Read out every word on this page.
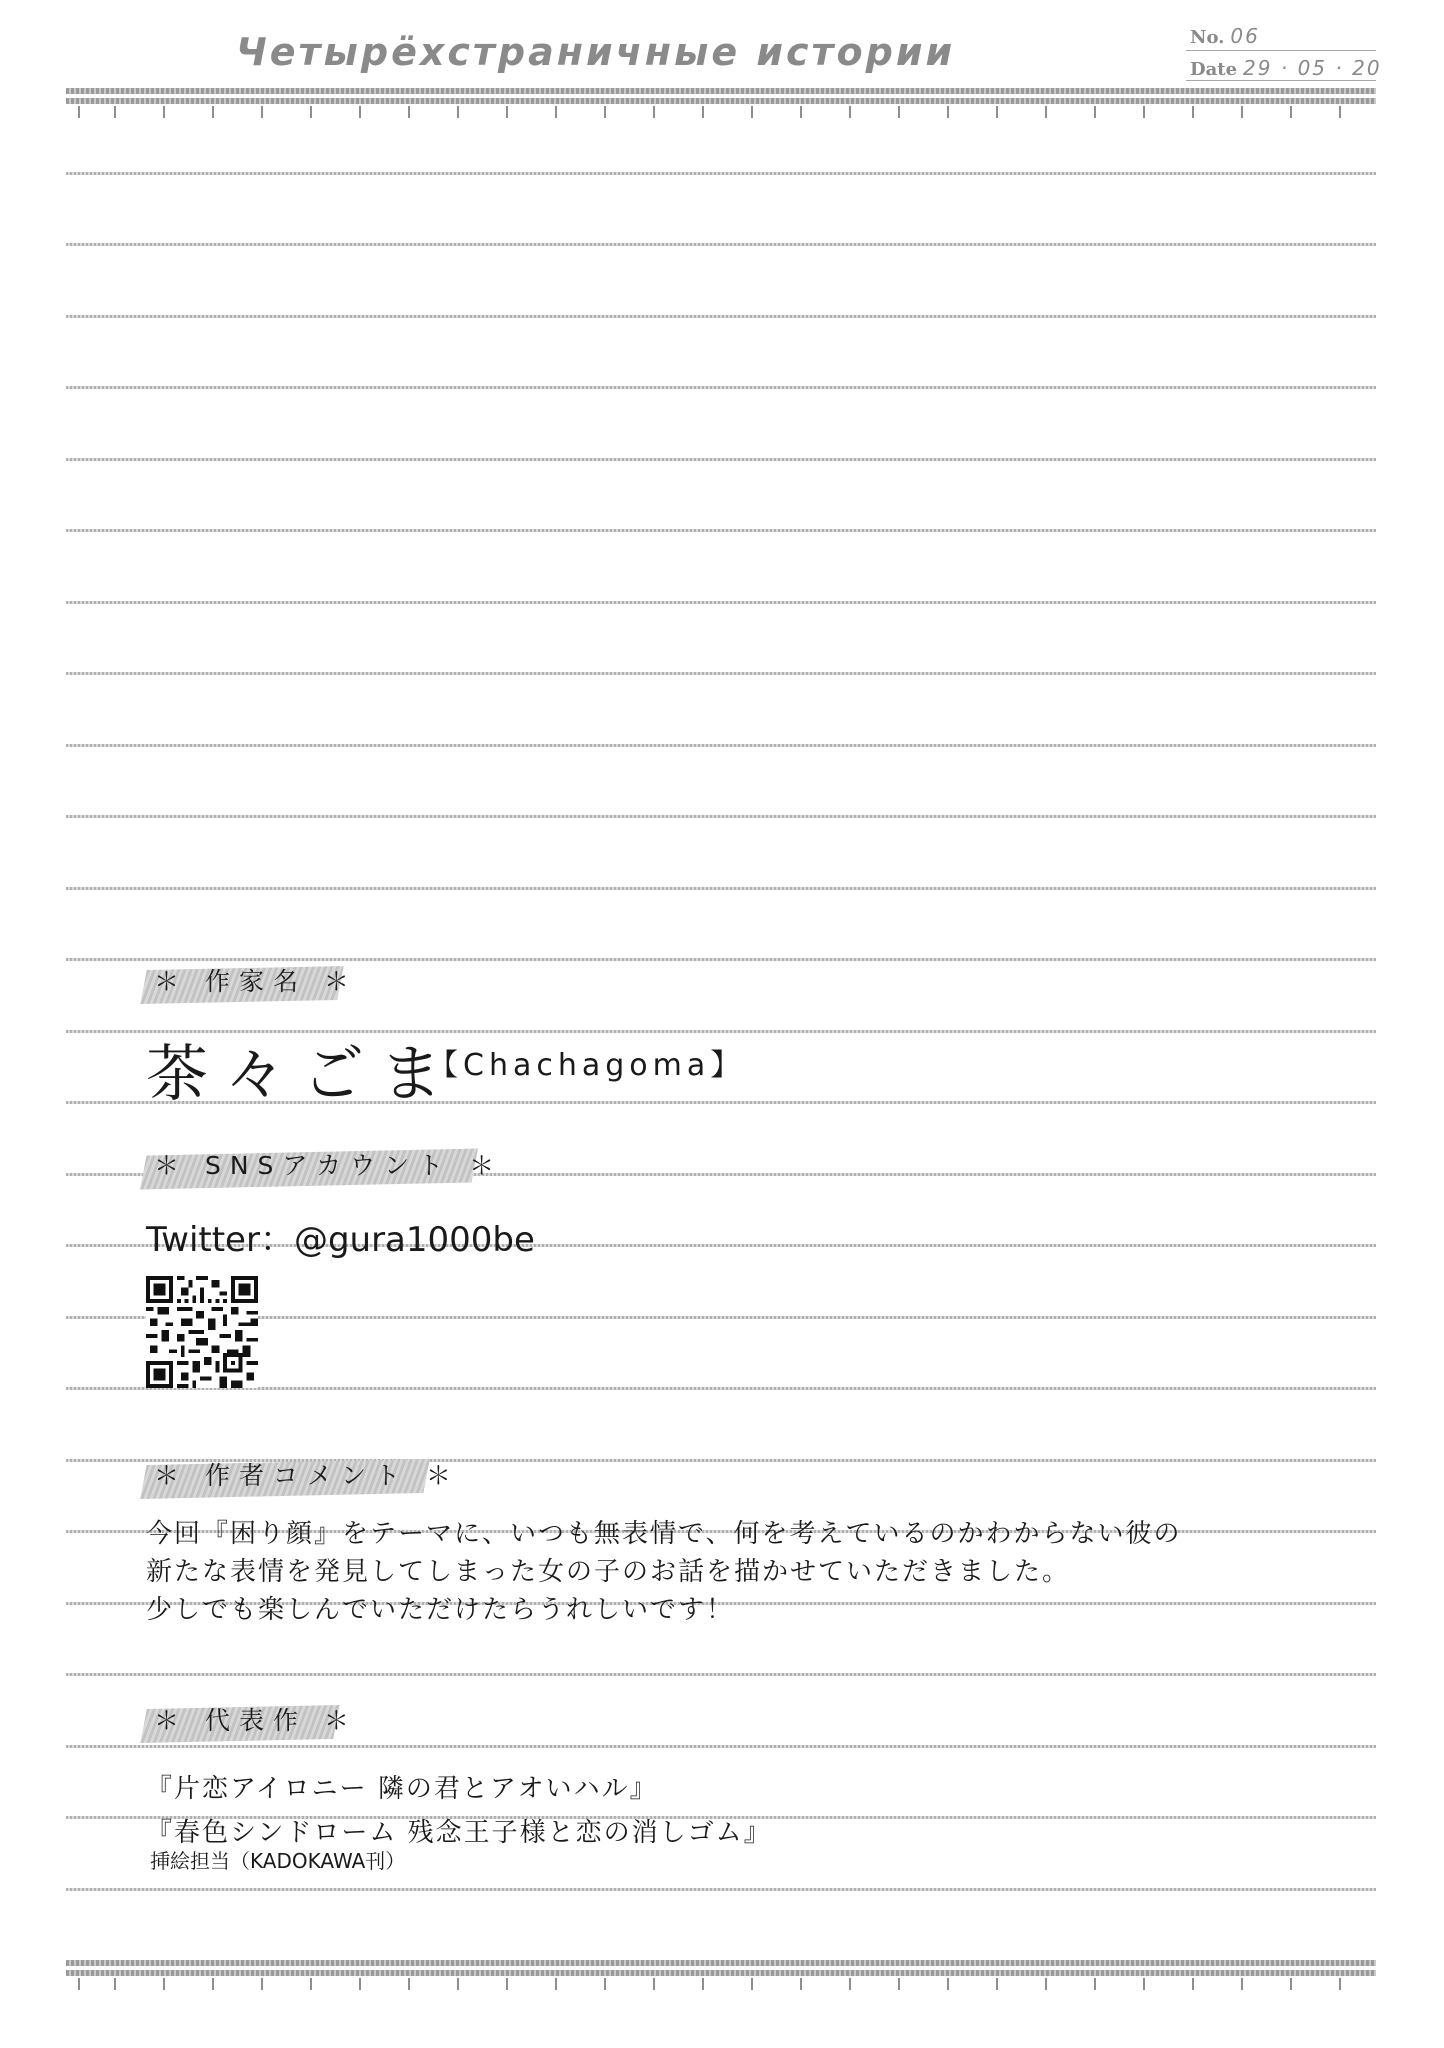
Четырёхстраничные истории	No. 06
Date 29 · 05 · 20
＊ 作家名 ＊
茶々ごま
【Chachagoma】
＊ SNSアカウント ＊
Twitter：@gura1000be
＊ 作者コメント ＊
今回『困り顔』をテーマに、いつも無表情で、何を考えているのかわからない彼の
新たな表情を発見してしまった女の子のお話を描かせていただきました。
少しでも楽しんでいただけたらうれしいです！
＊ 代表作 ＊
『片恋アイロニー 隣の君とアオいハル』
『春色シンドローム 残念王子様と恋の消しゴム』
挿絵担当（KADOKAWA刊）
